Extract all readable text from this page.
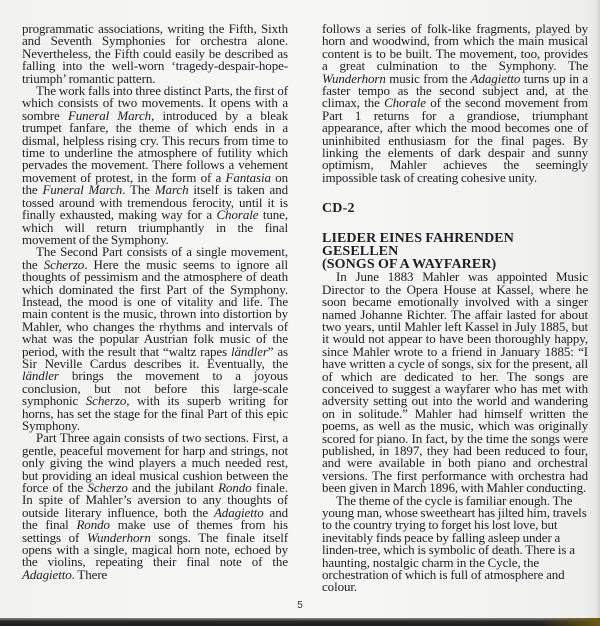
programmatic associations, writing the Fifth, Sixth and Seventh Symphonies for orchestra alone. Nevertheless, the Fifth could easily be described as falling into the well-worn ‘tragedy-despair-hope-triumph’ romantic pattern.

The work falls into three distinct Parts, the first of which consists of two movements. It opens with a sombre Funeral March, introduced by a bleak trumpet fanfare, the theme of which ends in a dismal, helpless rising cry. This recurs from time to time to underline the atmosphere of futility which pervades the movement. There follows a vehement movement of protest, in the form of a Fantasia on the Funeral March. The March itself is taken and tossed around with tremendous ferocity, until it is finally exhausted, making way for a Chorale tune, which will return triumphantly in the final movement of the Symphony.

The Second Part consists of a single movement, the Scherzo. Here the music seems to ignore all thoughts of pessimism and the atmosphere of death which dominated the first Part of the Symphony. Instead, the mood is one of vitality and life. The main content is the music, thrown into distortion by Mahler, who changes the rhythms and intervals of what was the popular Austrian folk music of the period, with the result that “waltz rapes ländler” as Sir Neville Cardus describes it. Eventually, the ländler brings the movement to a joyous conclusion, but not before this large-scale symphonic Scherzo, with its superb writing for horns, has set the stage for the final Part of this epic Symphony.

Part Three again consists of two sections. First, a gentle, peaceful movement for harp and strings, not only giving the wind players a much needed rest, but providing an ideal musical cushion between the force of the Scherzo and the jubilant Rondo finale. In spite of Mahler’s aversion to any thoughts of outside literary influence, both the Adagietto and the final Rondo make use of themes from his settings of Wunderhorn songs. The finale itself opens with a single, magical horn note, echoed by the violins, repeating their final note of the Adagietto. There

follows a series of folk-like fragments, played by horn and woodwind, from which the main musical content is to be built. The movement, too, provides a great culmination to the Symphony. The Wunderhorn music from the Adagietto turns up in a faster tempo as the second subject and, at the climax, the Chorale of the second movement from Part 1 returns for a grandiose, triumphant appearance, after which the mood becomes one of uninhibited enthusiasm for the final pages. By linking the elements of dark despair and sunny optimism, Mahler achieves the seemingly impossible task of creating cohesive unity.

CD-2
LIEDER EINES FAHRENDEN GESELLEN
(SONGS OF A WAYFARER)

In June 1883 Mahler was appointed Music Director to the Opera House at Kassel, where he soon became emotionally involved with a singer named Johanne Richter. The affair lasted for about two years, until Mahler left Kassel in July 1885, but it would not appear to have been thoroughly happy, since Mahler wrote to a friend in January 1885: “I have written a cycle of songs, six for the present, all of which are dedicated to her. The songs are conceived to suggest a wayfarer who has met with adversity setting out into the world and wandering on in solitude.” Mahler had himself written the poems, as well as the music, which was originally scored for piano. In fact, by the time the songs were published, in 1897, they had been reduced to four, and were available in both piano and orchestral versions. The first performance with orchestra had been given in March 1896, with Mahler conducting.

The theme of the cycle is familiar enough. The young man, whose sweetheart has jilted him, travels to the country trying to forget his lost love, but inevitably finds peace by falling asleep under a linden-tree, which is symbolic of death. There is a haunting, nostalgic charm in the Cycle, the orchestration of which is full of atmosphere and colour.

5
